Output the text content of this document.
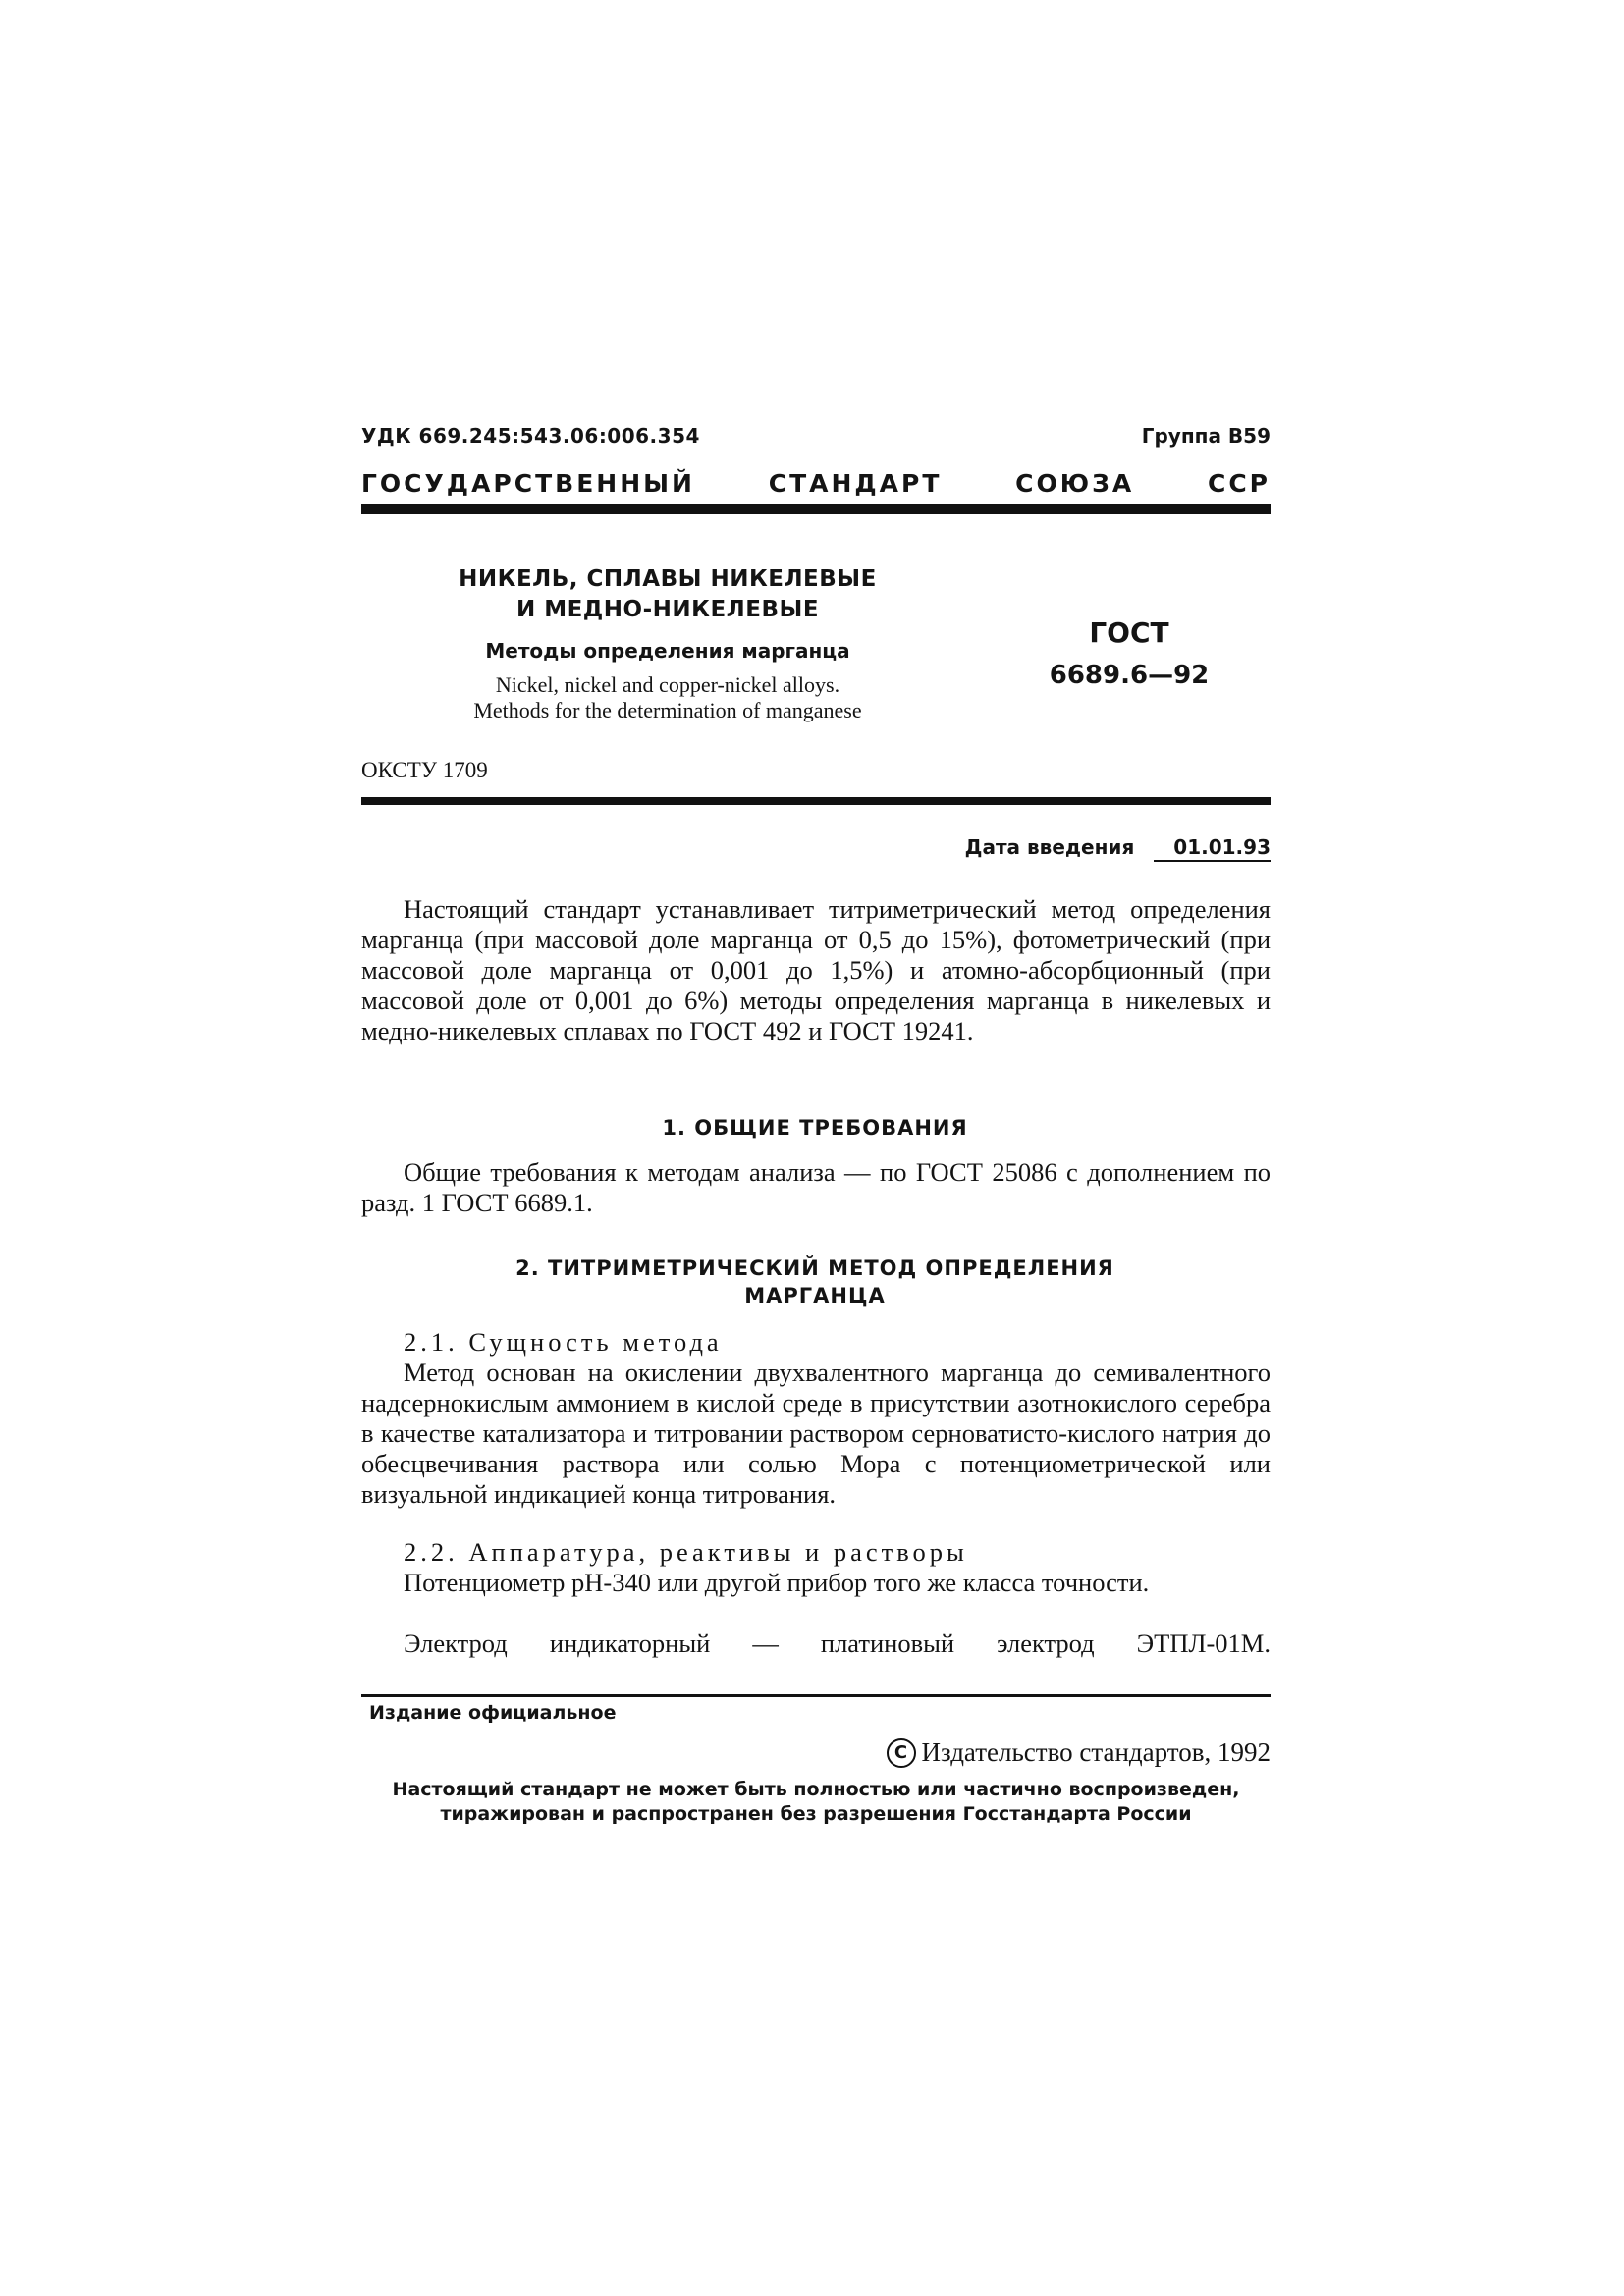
УДК 669.245:543.06:006.354	Группа В59
ГОСУДАРСТВЕННЫЙ СТАНДАРТ СОЮЗА ССР
НИКЕЛЬ, СПЛАВЫ НИКЕЛЕВЫЕ
И МЕДНО-НИКЕЛЕВЫЕ
Методы определения марганца
Nickel, nickel and copper-nickel alloys.
Methods for the determination of manganese
ГОСТ
6689.6—92
ОКСТУ 1709
Дата введения	01.01.93
Настоящий стандарт устанавливает титриметрический метод определения марганца (при массовой доле марганца от 0,5 до 15%), фотометрический (при массовой доле марганца от 0,001 до 1,5%) и атомно-абсорбционный (при массовой доле от 0,001 до 6%) методы определения марганца в никелевых и медно-никелевых сплавах по ГОСТ 492 и ГОСТ 19241.
1. ОБЩИЕ ТРЕБОВАНИЯ
Общие требования к методам анализа — по ГОСТ 25086 с дополнением по разд. 1 ГОСТ 6689.1.
2. ТИТРИМЕТРИЧЕСКИЙ МЕТОД ОПРЕДЕЛЕНИЯ
МАРГАНЦА
2.1. Сущность метода
Метод основан на окислении двухвалентного марганца до семивалентного надсернокислым аммонием в кислой среде в присутствии азотнокислого серебра в качестве катализатора и титровании раствором серноватисто-кислого натрия до обесцвечивания раствора или солью Мора с потенциометрической или визуальной индикацией конца титрования.
2.2. Аппаратура, реактивы и растворы
Потенциометр рН-340 или другой прибор того же класса точности.
Электрод индикаторный — платиновый электрод ЭТПЛ-01М.
Издание официальное
C Издательство стандартов, 1992
Настоящий стандарт не может быть полностью или частично воспроизведен,
тиражирован и распространен без разрешения Госстандарта России
